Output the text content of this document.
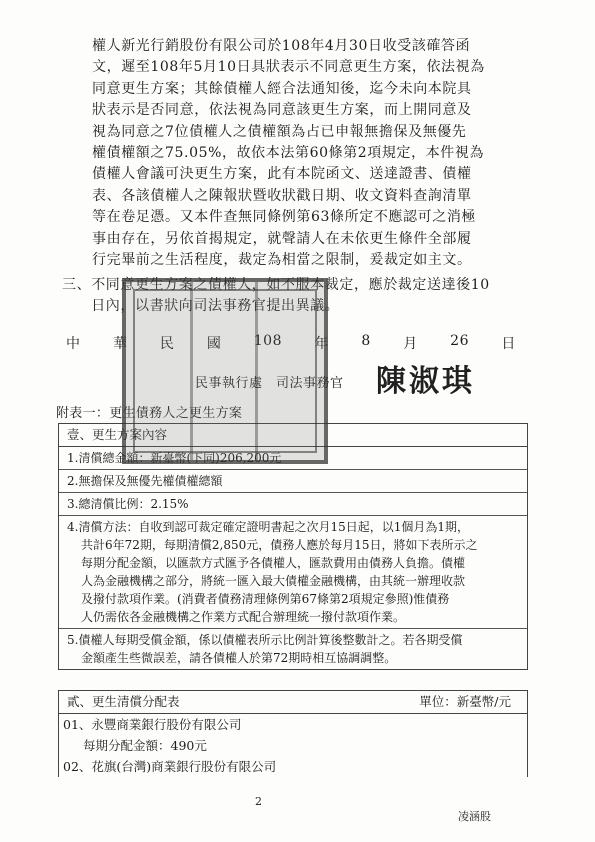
權人新光行銷股份有限公司於108年4月30日收受該確答函
文，遲至108年5月10日具狀表示不同意更生方案，依法視為
同意更生方案；其餘債權人經合法通知後，迄今未向本院具
狀表示是否同意，依法視為同意該更生方案，而上開同意及
視為同意之7位債權人之債權額為占已申報無擔保及無優先
權債權額之75.05%，故依本法第60條第2項規定，本件視為
債權人會議可決更生方案，此有本院函文、送達證書、債權
表、各該債權人之陳報狀暨收狀戳日期、收文資料查詢清單
等在卷足憑。又本件查無同條例第63條所定不應認可之消極
事由存在，另依首揭規定，就聲請人在未依更生條件全部履
行完畢前之生活程度，裁定為相當之限制，爰裁定如主文。
三、不同意更生方案之債權人，如不服本裁定，應於裁定送達後10
　　日內，以書狀向司法事務官提出異議。
中 華 民 國 108 年 8 月 26 日
民事執行處　司法事務官 陳淑琪
附表一：更生債務人之更生方案
壹、更生方案內容
1.清償總金額：新臺幣(下同)206,200元
2.無擔保及無優先權債權總額
3.總清償比例：2.15%
4.清償方法：自收到認可裁定確定證明書起之次月15日起，以1個月為1期，
共計6年72期，每期清償2,850元，債務人應於每月15日，將如下表所示之
每期分配金額，以匯款方式匯予各債權人，匯款費用由債務人負擔。債權
人為金融機構之部分，將統一匯入最大債權金融機構，由其統一辦理收款
及撥付款項作業。(消費者債務清理條例第67條第2項規定參照)惟債務
人仍需依各金融機構之作業方式配合辦理統一撥付款項作業。
5.債權人每期受償金額，係以債權表所示比例計算後整數計之。若各期受償
金額產生些微誤差，請各債權人於第72期時相互協調調整。
貳、更生清償分配表	單位：新臺幣/元
01、永豐商業銀行股份有限公司
每期分配金額：490元
02、花旗(台灣)商業銀行股份有限公司
2
凌涵股
